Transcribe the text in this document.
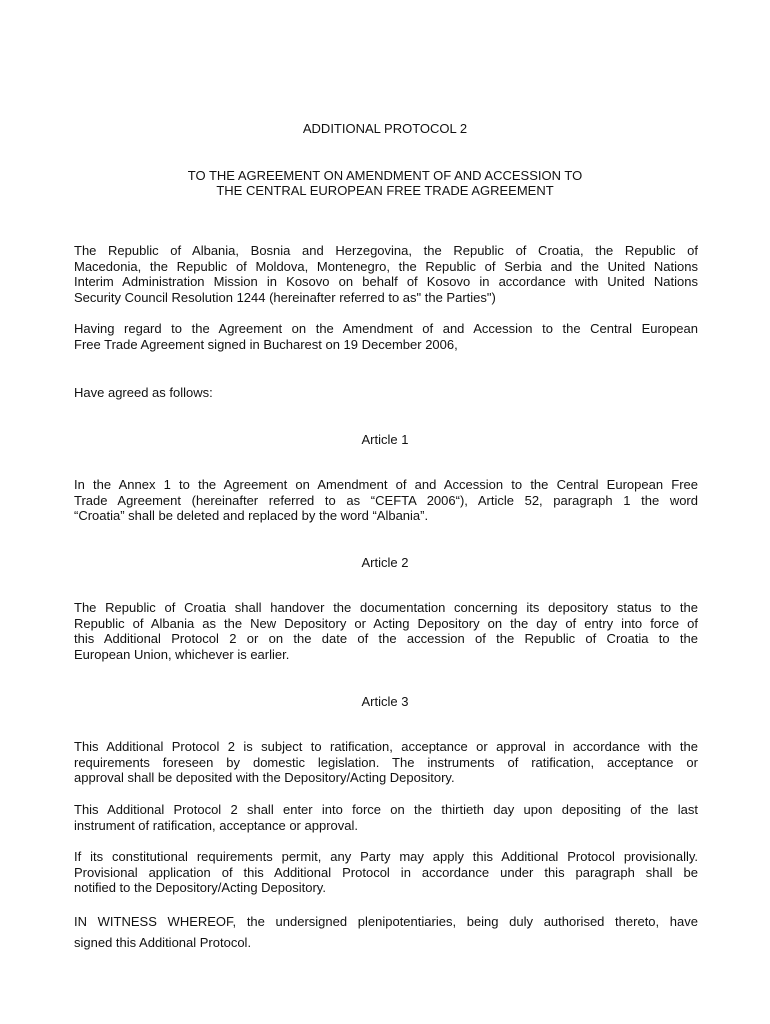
ADDITIONAL PROTOCOL 2
TO THE AGREEMENT ON AMENDMENT OF AND ACCESSION TO
THE CENTRAL EUROPEAN FREE TRADE AGREEMENT
The Republic of Albania, Bosnia and Herzegovina, the Republic of Croatia, the Republic of
Macedonia, the Republic of Moldova, Montenegro, the Republic of Serbia and the United Nations
Interim Administration Mission in Kosovo on behalf of Kosovo in accordance with United Nations
Security Council Resolution 1244 (hereinafter referred to as" the Parties")
Having regard to the Agreement on the Amendment of and Accession to the Central European
Free Trade Agreement signed in Bucharest on 19 December 2006,
Have agreed as follows:
Article 1
In the Annex 1 to the Agreement on Amendment of and Accession to the Central European Free
Trade Agreement (hereinafter referred to as “CEFTA 2006“), Article 52, paragraph 1 the word
“Croatia” shall be deleted and replaced by the word “Albania”.
Article 2
The Republic of Croatia shall handover the documentation concerning its depository status to the
Republic of Albania as the New Depository or Acting Depository on the day of entry into force of
this Additional Protocol 2 or on the date of the accession of the Republic of Croatia to the
European Union, whichever is earlier.
Article 3
This Additional Protocol 2 is subject to ratification, acceptance or approval in accordance with the
requirements foreseen by domestic legislation. The instruments of ratification, acceptance or
approval shall be deposited with the Depository/Acting Depository.
This Additional Protocol 2 shall enter into force on the thirtieth day upon depositing of the last
instrument of ratification, acceptance or approval.
If its constitutional requirements permit, any Party may apply this Additional Protocol provisionally.
Provisional application of this Additional Protocol in accordance under this paragraph shall be
notified to the Depository/Acting Depository.
IN WITNESS WHEREOF, the undersigned plenipotentiaries, being duly authorised thereto, have
signed this Additional Protocol.
